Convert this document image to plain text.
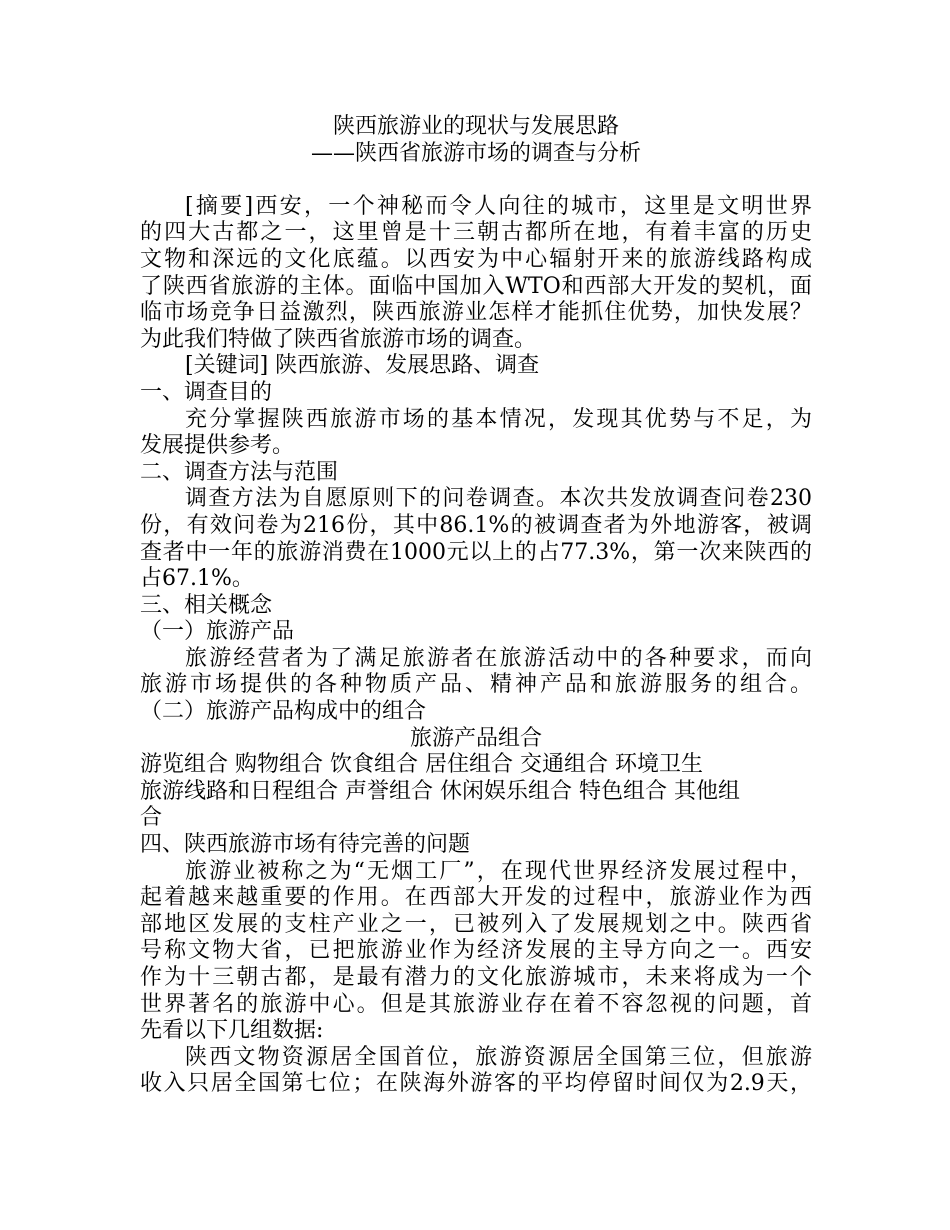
陕西旅游业的现状与发展思路
——陕西省旅游市场的调查与分析
[摘要]西安，一个神秘而令人向往的城市，这里是文明世界
的四大古都之一，这里曾是十三朝古都所在地，有着丰富的历史
文物和深远的文化底蕴。以西安为中心辐射开来的旅游线路构成
了陕西省旅游的主体。面临中国加入WTO和西部大开发的契机，面
临市场竞争日益激烈，陕西旅游业怎样才能抓住优势，加快发展？
为此我们特做了陕西省旅游市场的调查。
[关键词] 陕西旅游、发展思路、调查
一、调查目的
充分掌握陕西旅游市场的基本情况，发现其优势与不足，为
发展提供参考。
二、调查方法与范围
调查方法为自愿原则下的问卷调查。本次共发放调查问卷230
份，有效问卷为216份，其中86.1%的被调查者为外地游客，被调
查者中一年的旅游消费在1000元以上的占77.3%，第一次来陕西的
占67.1%。
三、相关概念
（一）旅游产品
旅游经营者为了满足旅游者在旅游活动中的各种要求，而向
旅游市场提供的各种物质产品、精神产品和旅游服务的组合。
（二）旅游产品构成中的组合
旅游产品组合
游览组合 购物组合 饮食组合 居住组合 交通组合 环境卫生
旅游线路和日程组合 声誉组合 休闲娱乐组合 特色组合 其他组
合
四、陕西旅游市场有待完善的问题
旅游业被称之为“无烟工厂”，在现代世界经济发展过程中，
起着越来越重要的作用。在西部大开发的过程中，旅游业作为西
部地区发展的支柱产业之一，已被列入了发展规划之中。陕西省
号称文物大省，已把旅游业作为经济发展的主导方向之一。西安
作为十三朝古都，是最有潜力的文化旅游城市，未来将成为一个
世界著名的旅游中心。但是其旅游业存在着不容忽视的问题，首
先看以下几组数据:
陕西文物资源居全国首位，旅游资源居全国第三位，但旅游
收入只居全国第七位；在陕海外游客的平均停留时间仅为2.9天，
